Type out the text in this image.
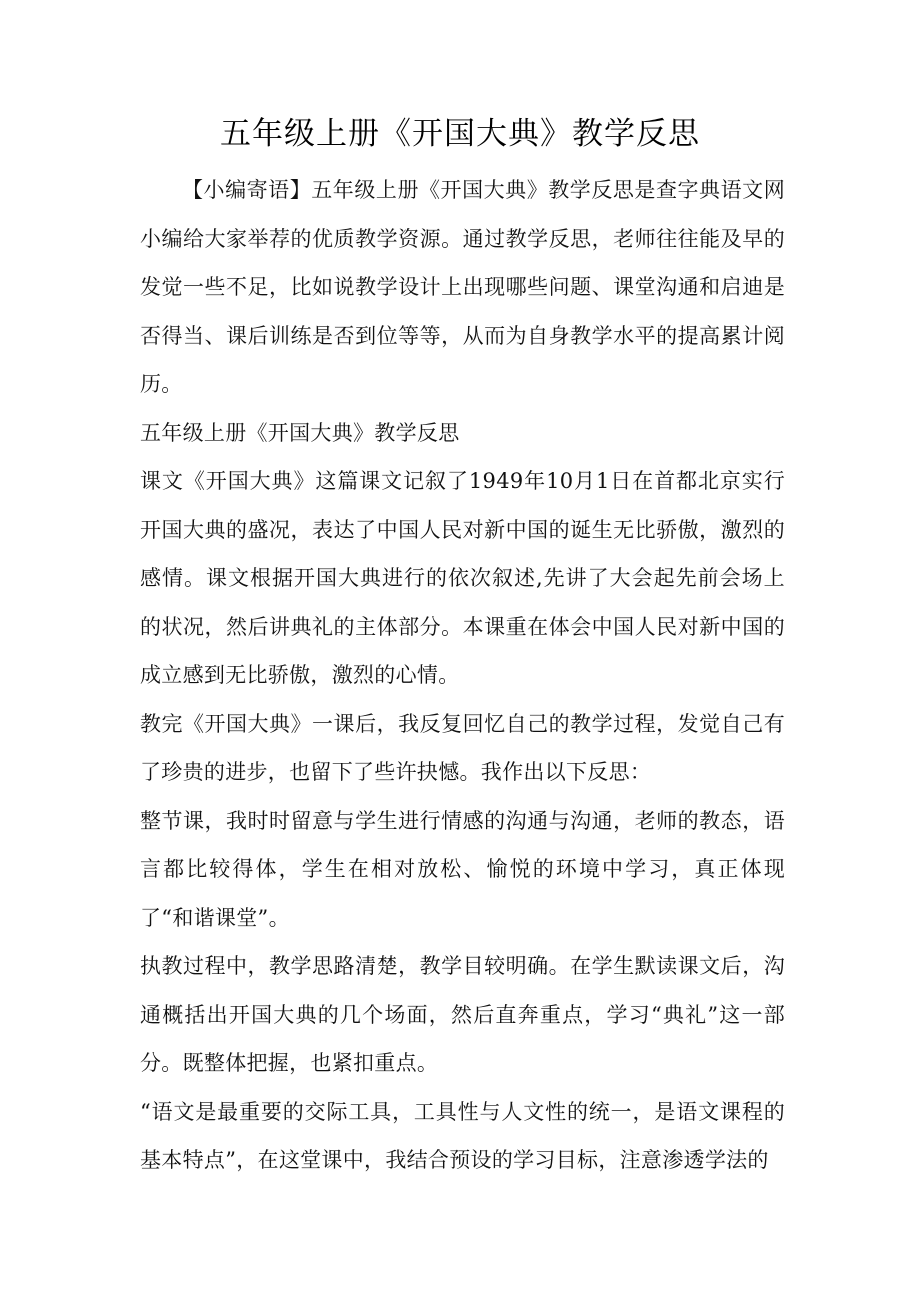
五年级上册《开国大典》教学反思

【小编寄语】五年级上册《开国大典》教学反思是查字典语文网小编给大家举荐的优质教学资源。通过教学反思，老师往往能及早的发觉一些不足，比如说教学设计上出现哪些问题、课堂沟通和启迪是否得当、课后训练是否到位等等，从而为自身教学水平的提高累计阅历。

五年级上册《开国大典》教学反思

课文《开国大典》这篇课文记叙了1949年10月1日在首都北京实行开国大典的盛况，表达了中国人民对新中国的诞生无比骄傲，激烈的感情。课文根据开国大典进行的依次叙述,先讲了大会起先前会场上的状况，然后讲典礼的主体部分。本课重在体会中国人民对新中国的成立感到无比骄傲，激烈的心情。

教完《开国大典》一课后，我反复回忆自己的教学过程，发觉自己有了珍贵的进步，也留下了些许抉憾。我作出以下反思：

整节课，我时时留意与学生进行情感的沟通与沟通，老师的教态，语言都比较得体，学生在相对放松、愉悦的环境中学习，真正体现了“和谐课堂”。

执教过程中，教学思路清楚，教学目较明确。在学生默读课文后，沟通概括出开国大典的几个场面，然后直奔重点，学习“典礼”这一部分。既整体把握，也紧扣重点。

“语文是最重要的交际工具，工具性与人文性的统一，是语文课程的基本特点”，在这堂课中，我结合预设的学习目标，注意渗透学法的
